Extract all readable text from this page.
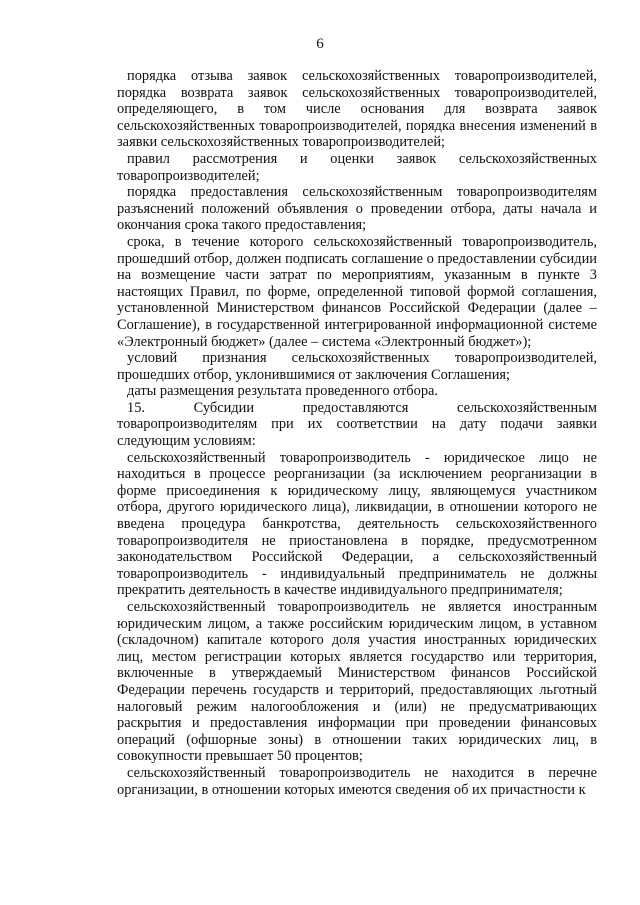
6

порядка отзыва заявок сельскохозяйственных товаропроизводителей, порядка возврата заявок сельскохозяйственных товаропроизводителей, определяющего, в том числе основания для возврата заявок сельскохозяйственных товаропроизводителей, порядка внесения изменений в заявки сельскохозяйственных товаропроизводителей;

правил рассмотрения и оценки заявок сельскохозяйственных товаропроизводителей;

порядка предоставления сельскохозяйственным товаропроизводителям разъяснений положений объявления о проведении отбора, даты начала и окончания срока такого предоставления;

срока, в течение которого сельскохозяйственный товаропроизводитель, прошедший отбор, должен подписать соглашение о предоставлении субсидии на возмещение части затрат по мероприятиям, указанным в пункте 3 настоящих Правил, по форме, определенной типовой формой соглашения, установленной Министерством финансов Российской Федерации (далее – Соглашение), в государственной интегрированной информационной системе «Электронный бюджет» (далее – система «Электронный бюджет»);

условий признания сельскохозяйственных товаропроизводителей, прошедших отбор, уклонившимися от заключения Соглашения;

даты размещения результата проведенного отбора.

15. Субсидии предоставляются сельскохозяйственным товаропроизводителям при их соответствии на дату подачи заявки следующим условиям:

сельскохозяйственный товаропроизводитель - юридическое лицо не находиться в процессе реорганизации (за исключением реорганизации в форме присоединения к юридическому лицу, являющемуся участником отбора, другого юридического лица), ликвидации, в отношении которого не введена процедура банкротства, деятельность сельскохозяйственного товаропроизводителя не приостановлена в порядке, предусмотренном законодательством Российской Федерации, а сельскохозяйственный товаропроизводитель - индивидуальный предприниматель не должны прекратить деятельность в качестве индивидуального предпринимателя;

сельскохозяйственный товаропроизводитель не является иностранным юридическим лицом, а также российским юридическим лицом, в уставном (складочном) капитале которого доля участия иностранных юридических лиц, местом регистрации которых является государство или территория, включенные в утверждаемый Министерством финансов Российской Федерации перечень государств и территорий, предоставляющих льготный налоговый режим налогообложения и (или) не предусматривающих раскрытия и предоставления информации при проведении финансовых операций (офшорные зоны) в отношении таких юридических лиц, в совокупности превышает 50 процентов;

сельскохозяйственный товаропроизводитель не находится в перечне организации, в отношении которых имеются сведения об их причастности к
